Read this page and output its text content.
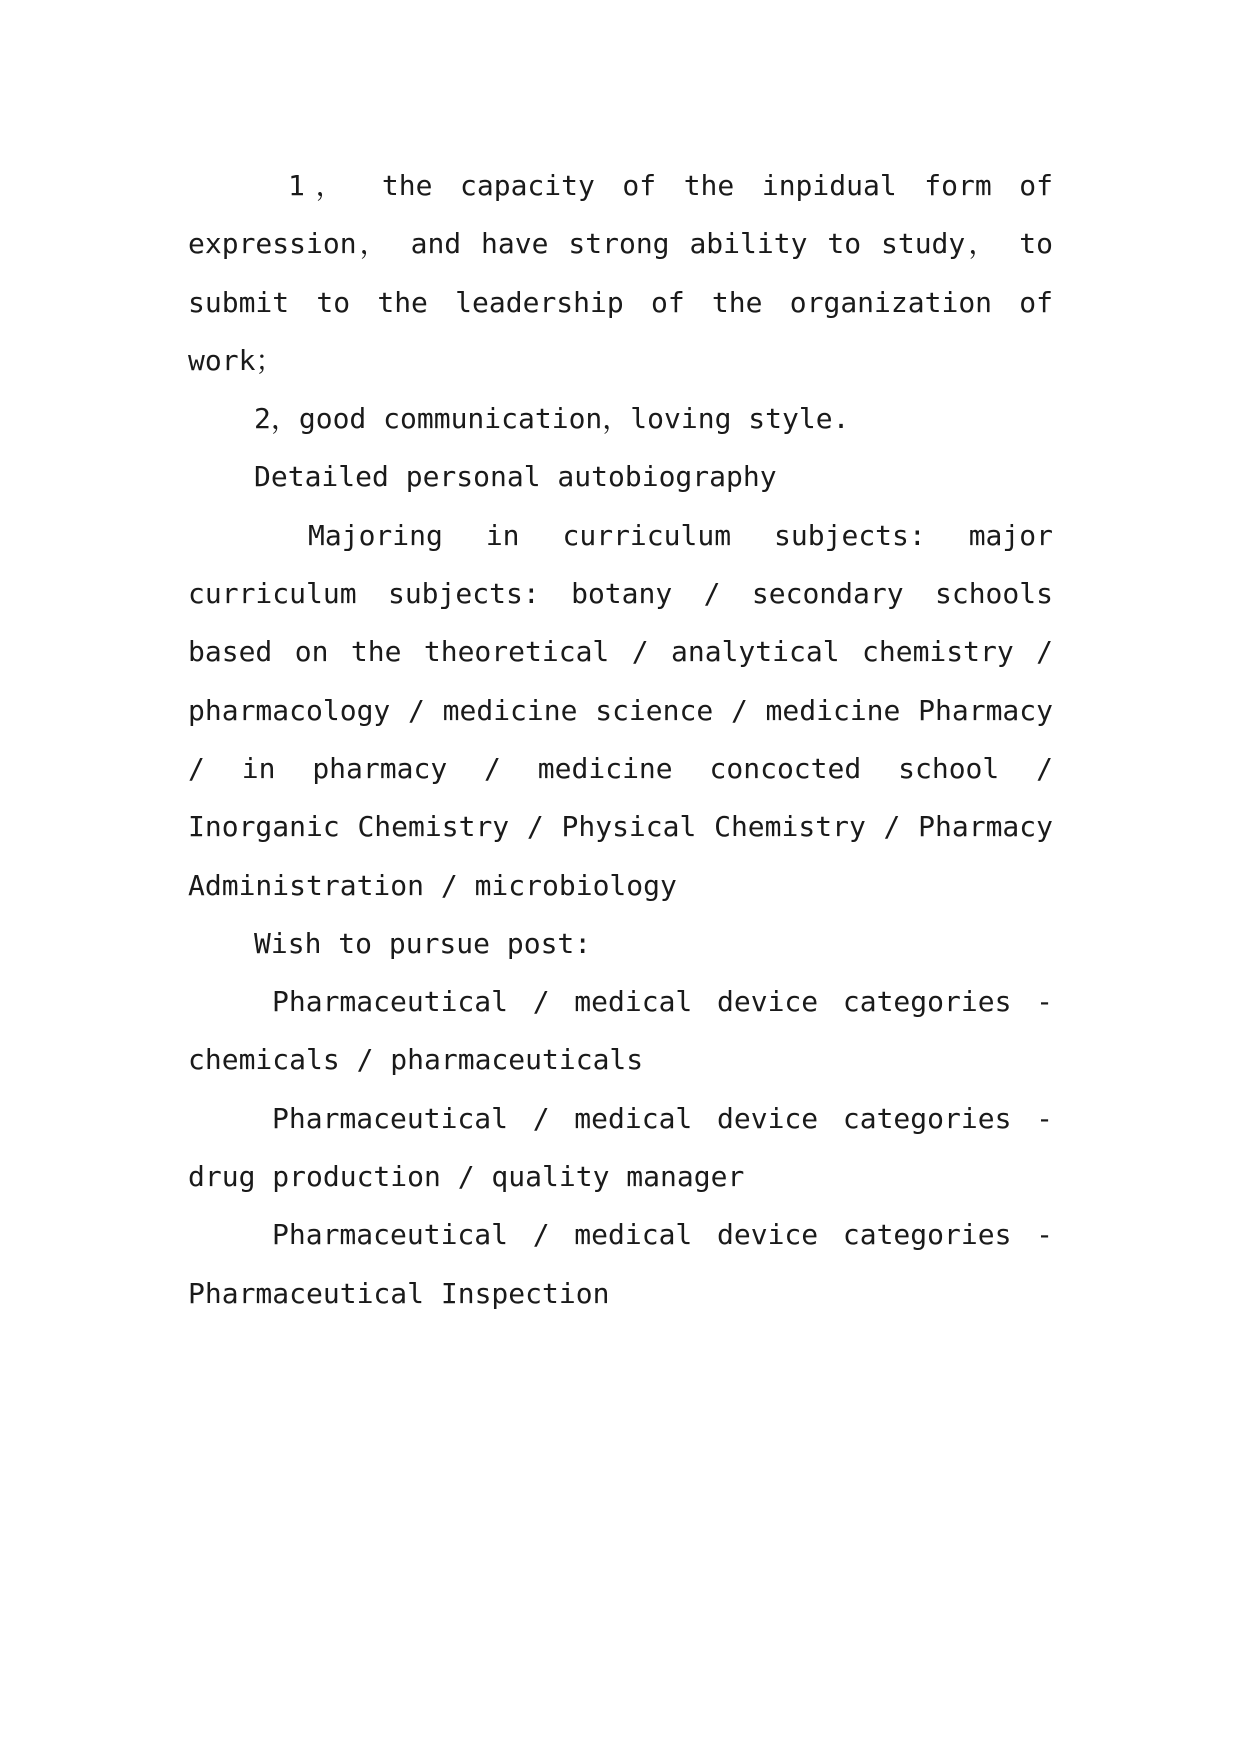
1， the capacity of the inpidual form of expression， and have strong ability to study， to submit to the leadership of the organization of work；

2，good communication，loving style.

Detailed personal autobiography

Majoring in curriculum subjects: major curriculum subjects: botany / secondary schools based on the theoretical / analytical chemistry / pharmacology / medicine science / medicine Pharmacy / in pharmacy / medicine concocted school / Inorganic Chemistry / Physical Chemistry / Pharmacy Administration / microbiology

Wish to pursue post:

Pharmaceutical / medical device categories - chemicals / pharmaceuticals

Pharmaceutical / medical device categories - drug production / quality manager

Pharmaceutical / medical device categories - Pharmaceutical Inspection
